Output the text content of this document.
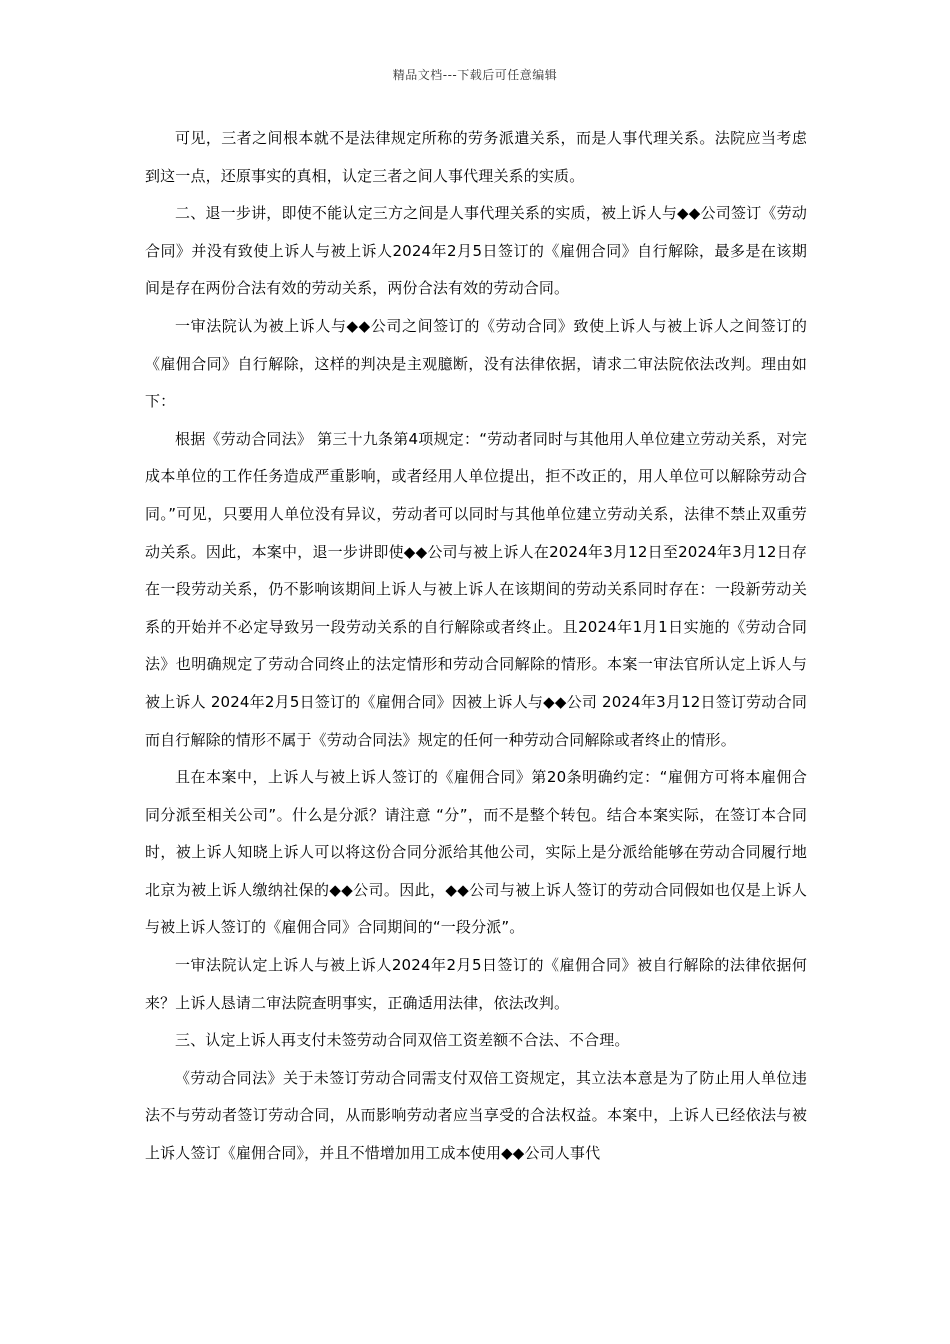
精品文档---下载后可任意编辑

可见，三者之间根本就不是法律规定所称的劳务派遣关系，而是人事代理关系。法院应当考虑到这一点，还原事实的真相，认定三者之间人事代理关系的实质。

二、退一步讲，即使不能认定三方之间是人事代理关系的实质，被上诉人与◆◆公司签订《劳动合同》并没有致使上诉人与被上诉人2024年2月5日签订的《雇佣合同》自行解除，最多是在该期间是存在两份合法有效的劳动关系，两份合法有效的劳动合同。

一审法院认为被上诉人与◆◆公司之间签订的《劳动合同》致使上诉人与被上诉人之间签订的《雇佣合同》自行解除，这样的判决是主观臆断，没有法律依据，请求二审法院依法改判。理由如下：

根据《劳动合同法》 第三十九条第4项规定：“劳动者同时与其他用人单位建立劳动关系，对完成本单位的工作任务造成严重影响，或者经用人单位提出，拒不改正的，用人单位可以解除劳动合同。”可见，只要用人单位没有异议，劳动者可以同时与其他单位建立劳动关系，法律不禁止双重劳动关系。因此，本案中，退一步讲即使◆◆公司与被上诉人在2024年3月12日至2024年3月12日存在一段劳动关系，仍不影响该期间上诉人与被上诉人在该期间的劳动关系同时存在：一段新劳动关系的开始并不必定导致另一段劳动关系的自行解除或者终止。且2024年1月1日实施的《劳动合同法》也明确规定了劳动合同终止的法定情形和劳动合同解除的情形。本案一审法官所认定上诉人与被上诉人 2024年2月5日签订的《雇佣合同》因被上诉人与◆◆公司 2024年3月12日签订劳动合同而自行解除的情形不属于《劳动合同法》规定的任何一种劳动合同解除或者终止的情形。

且在本案中，上诉人与被上诉人签订的《雇佣合同》第20条明确约定：“雇佣方可将本雇佣合同分派至相关公司”。什么是分派？请注意 “分”，而不是整个转包。结合本案实际，在签订本合同时，被上诉人知晓上诉人可以将这份合同分派给其他公司，实际上是分派给能够在劳动合同履行地北京为被上诉人缴纳社保的◆◆公司。因此，◆◆公司与被上诉人签订的劳动合同假如也仅是上诉人与被上诉人签订的《雇佣合同》合同期间的“一段分派”。

一审法院认定上诉人与被上诉人2024年2月5日签订的《雇佣合同》被自行解除的法律依据何来？上诉人恳请二审法院查明事实，正确适用法律，依法改判。

三、认定上诉人再支付未签劳动合同双倍工资差额不合法、不合理。

《劳动合同法》关于未签订劳动合同需支付双倍工资规定，其立法本意是为了防止用人单位违法不与劳动者签订劳动合同，从而影响劳动者应当享受的合法权益。本案中，上诉人已经依法与被上诉人签订《雇佣合同》，并且不惜增加用工成本使用◆◆公司人事代
